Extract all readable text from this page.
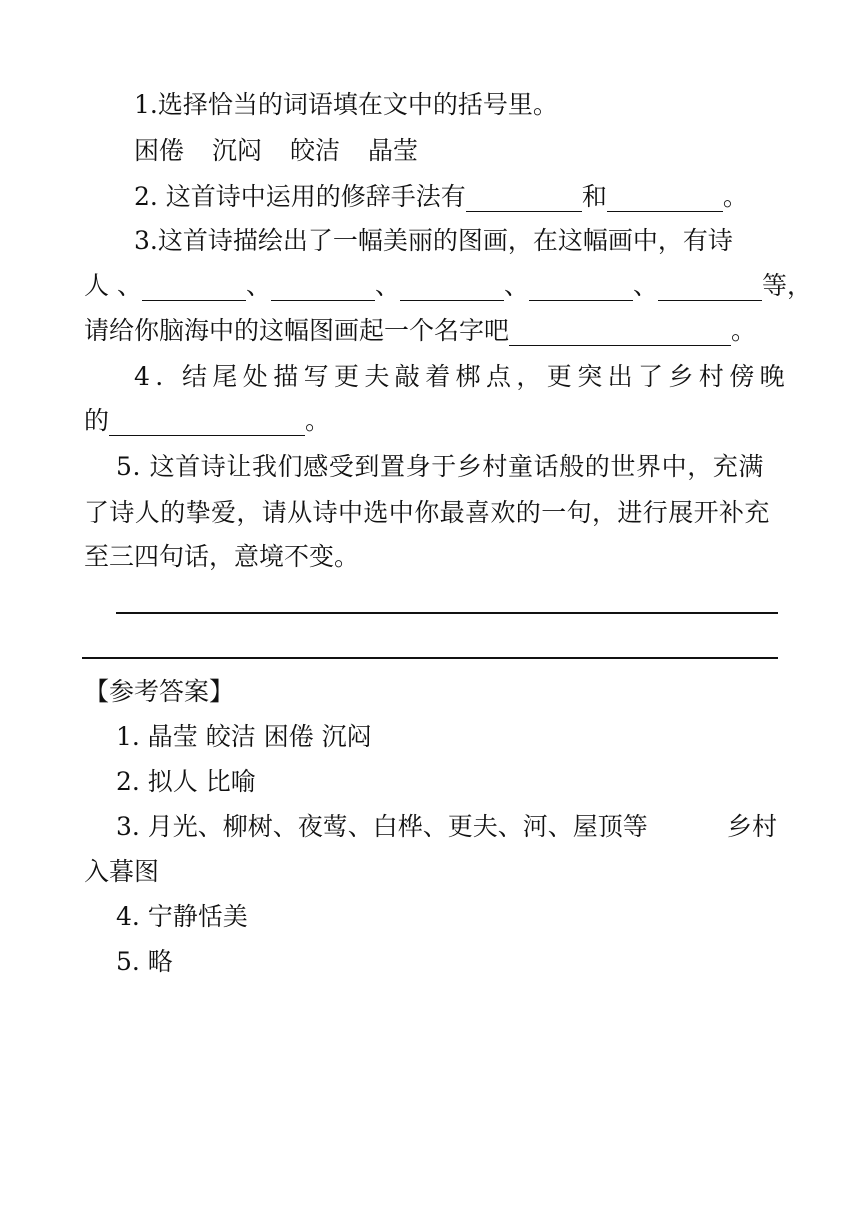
1.选择恰当的词语填在文中的括号里。
困倦 沉闷 皎洁 晶莹
2. 这首诗中运用的修辞手法有	和	。
3.这首诗描绘出了一幅美丽的图画，在这幅画中，有诗
人 、	、	、	、	、	等，
请给你脑海中的这幅图画起一个名字吧	。
4. 结尾处描写更夫敲着梆点，更突出了乡村傍晚
的	。
5. 这首诗让我们感受到置身于乡村童话般的世界中，充满
了诗人的挚爱，请从诗中选中你最喜欢的一句，进行展开补充
至三四句话，意境不变。
【参考答案】
1. 晶莹 皎洁 困倦 沉闷
2. 拟人 比喻
3. 月光、柳树、夜莺、白桦、更夫、河、屋顶等	乡村
入暮图
4. 宁静恬美
5. 略
